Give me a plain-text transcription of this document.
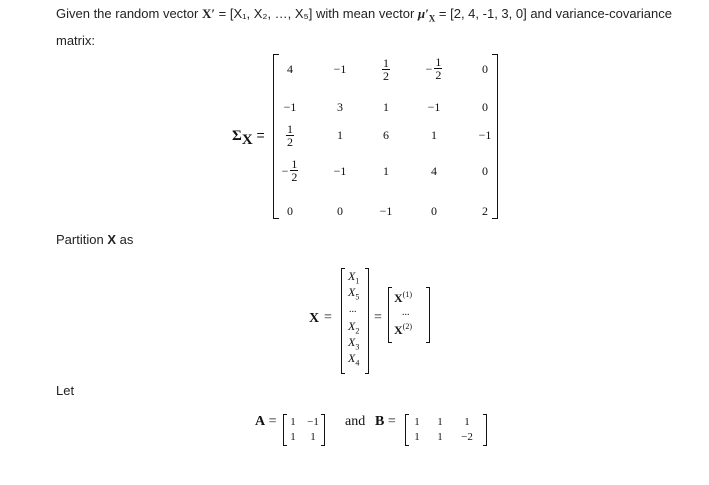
Given the random vector X′ = [X₁, X₂, …, X₅] with mean vector $\mu'_X = [2$, 4, -1, 3, 0] and variance-covariance
matrix:
$\Sigma_X$ =
4	−1	$\frac{1}{2}$	− $\frac{1}{2}$	0
−1	3	1	−1	0
$\frac{1}{2}$	1	6	1	−1
− $\frac{1}{2}$	−1	1	4	0
0	0	−1	0	2
Partition X as
X =
$X_1$
$X_5$
...
$X_2$
$X_3$
$X_4$
=
$X^{(1)}$
...
$X^{(2)}$
Let
A =	1	−1
1	1
and B =	1	1	1
1	1	−2
